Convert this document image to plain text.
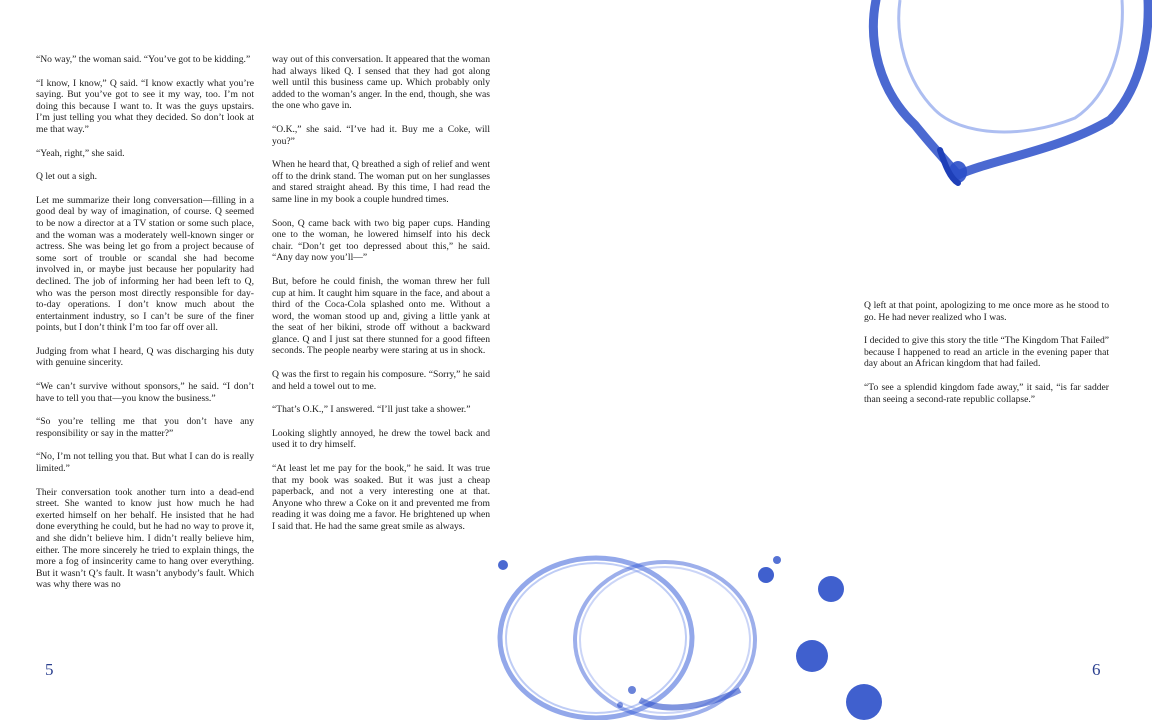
“No way,” the woman said. “You’ve got to be kidding.”

“I know, I know,” Q said. “I know exactly what you’re saying. But you’ve got to see it my way, too. I’m not doing this because I want to. It was the guys upstairs. I’m just telling you what they decided. So don’t look at me that way.”

“Yeah, right,” she said.

Q let out a sigh.

Let me summarize their long conversation—filling in a good deal by way of imagination, of course. Q seemed to be now a director at a TV station or some such place, and the woman was a moderately well-known singer or actress. She was being let go from a project because of some sort of trouble or scandal she had become involved in, or maybe just because her popularity had declined. The job of informing her had been left to Q, who was the person most directly responsible for day-to-day operations. I don’t know much about the entertainment industry, so I can’t be sure of the finer points, but I don’t think I’m too far off over all.

Judging from what I heard, Q was discharging his duty with genuine sincerity.

“We can’t survive without sponsors,” he said. “I don’t have to tell you that—you know the business.”

“So you’re telling me that you don’t have any responsibility or say in the matter?”

“No, I’m not telling you that. But what I can do is really limited.”

Their conversation took another turn into a dead-end street. She wanted to know just how much he had exerted himself on her behalf. He insisted that he had done everything he could, but he had no way to prove it, and she didn’t believe him. I didn’t really believe him, either. The more sincerely he tried to explain things, the more a fog of insincerity came to hang over everything. But it wasn’t Q’s fault. It wasn’t anybody’s fault. Which was why there was no

way out of this conversation. It appeared that the woman had always liked Q. I sensed that they had got along well until this business came up. Which probably only added to the woman’s anger. In the end, though, she was the one who gave in.

“O.K.,” she said. “I’ve had it. Buy me a Coke, will you?”

When he heard that, Q breathed a sigh of relief and went off to the drink stand. The woman put on her sunglasses and stared straight ahead. By this time, I had read the same line in my book a couple hundred times.

Soon, Q came back with two big paper cups. Handing one to the woman, he lowered himself into his deck chair. “Don’t get too depressed about this,” he said. “Any day now you’ll—”

But, before he could finish, the woman threw her full cup at him. It caught him square in the face, and about a third of the Coca-Cola splashed onto me. Without a word, the woman stood up and, giving a little yank at the seat of her bikini, strode off without a backward glance. Q and I just sat there stunned for a good fifteen seconds. The people nearby were staring at us in shock.

Q was the first to regain his composure. “Sorry,” he said and held a towel out to me.

“That’s O.K.,” I answered. “I’ll just take a shower.”

Looking slightly annoyed, he drew the towel back and used it to dry himself.

“At least let me pay for the book,” he said. It was true that my book was soaked. But it was just a cheap paperback, and not a very interesting one at that. Anyone who threw a Coke on it and prevented me from reading it was doing me a favor. He brightened up when I said that. He had the same great smile as always.

Q left at that point, apologizing to me once more as he stood to go. He had never realized who I was.

I decided to give this story the title “The Kingdom That Failed” because I happened to read an article in the evening paper that day about an African kingdom that had failed.

“To see a splendid kingdom fade away,” it said, “is far sadder than seeing a second-rate republic collapse.”

5	6
